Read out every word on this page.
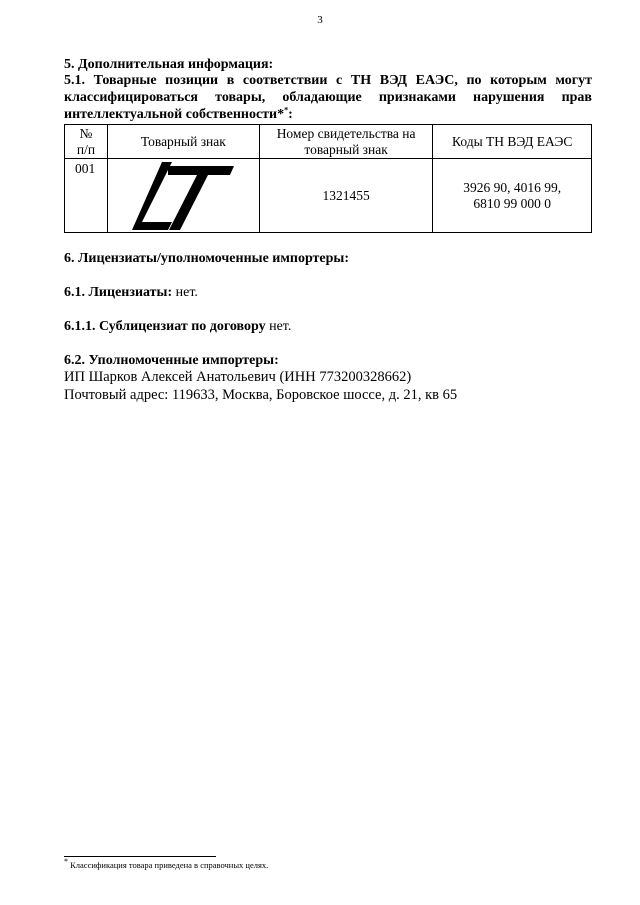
3
5. Дополнительная информация:
5.1. Товарные позиции в соответствии с ТН ВЭД ЕАЭС, по которым могут
классифицироваться товары, обладающие признаками нарушения прав
интеллектуальной собственности**:
№
п/п	Товарный знак	Номер свидетельства на товарный знак	Коды ТН ВЭД ЕАЭС
001		1321455	3926 90, 4016 99,
6810 99 000 0
6. Лицензиаты/уполномоченные импортеры:
6.1. Лицензиаты: нет.
6.1.1. Сублицензиат по договору нет.
6.2. Уполномоченные импортеры:
ИП Шарков Алексей Анатольевич (ИНН 773200328662)
Почтовый адрес: 119633, Москва, Боровское шоссе, д. 21, кв 65
* Классификация товара приведена в справочных целях.
